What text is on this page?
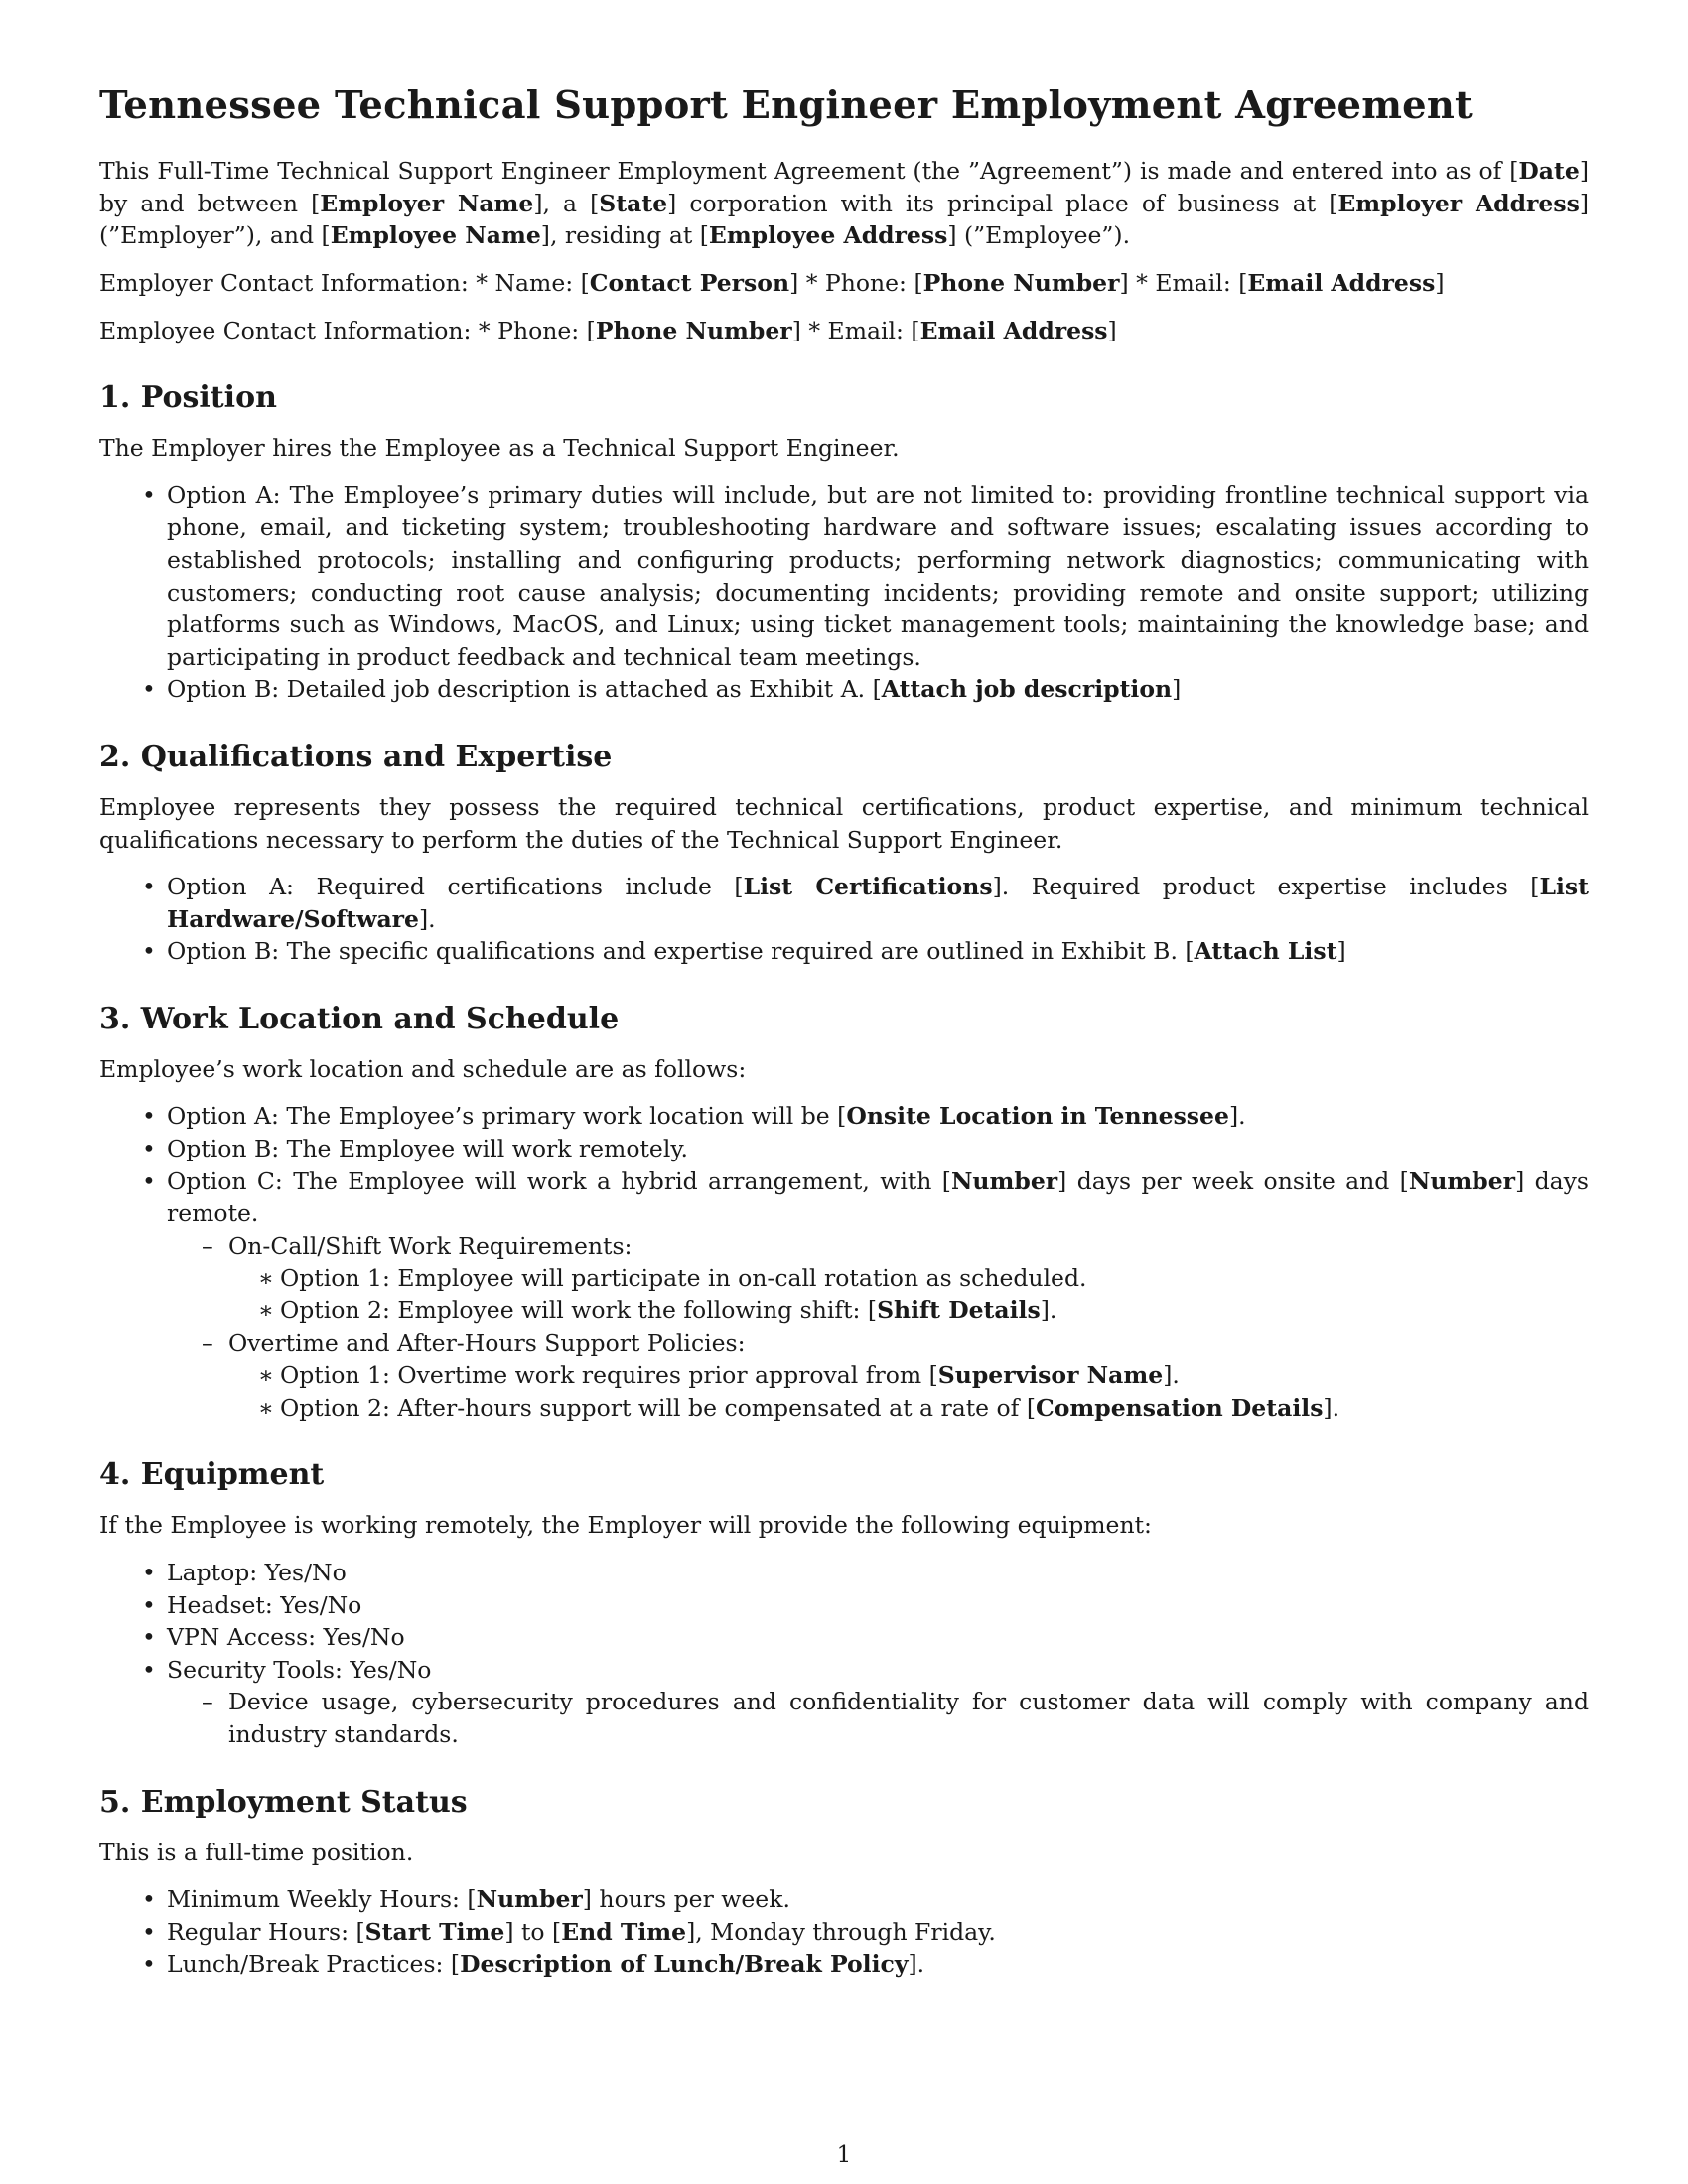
Tennessee Technical Support Engineer Employment Agreement

This Full-Time Technical Support Engineer Employment Agreement (the ”Agreement”) is made and entered into as of [Date] by and between [Employer Name], a [State] corporation with its principal place of business at [Employer Address] (”Employer”), and [Employee Name], residing at [Employee Address] (”Employee”).

Employer Contact Information: * Name: [Contact Person] * Phone: [Phone Number] * Email: [Email Address]

Employee Contact Information: * Phone: [Phone Number] * Email: [Email Address]

1. Position

The Employer hires the Employee as a Technical Support Engineer.

• Option A: The Employee’s primary duties will include, but are not limited to: providing frontline technical support via phone, email, and ticketing system; troubleshooting hardware and software issues; escalating issues according to established protocols; installing and configuring products; performing network diagnostics; communicating with customers; conducting root cause analysis; documenting incidents; providing remote and onsite support; utilizing platforms such as Windows, MacOS, and Linux; using ticket management tools; maintaining the knowledge base; and participating in product feedback and technical team meetings.
• Option B: Detailed job description is attached as Exhibit A. [Attach job description]
2. Qualifications and Expertise

Employee represents they possess the required technical certifications, product expertise, and minimum technical qualifications necessary to perform the duties of the Technical Support Engineer.

• Option A: Required certifications include [List Certifications]. Required product expertise includes [List Hardware/Software].
• Option B: The specific qualifications and expertise required are outlined in Exhibit B. [Attach List]
3. Work Location and Schedule

Employee’s work location and schedule are as follows:

• Option A: The Employee’s primary work location will be [Onsite Location in Tennessee].
• Option B: The Employee will work remotely.
• Option C: The Employee will work a hybrid arrangement, with [Number] days per week onsite and [Number] days remote.
– On-Call/Shift Work Requirements:
∗ Option 1: Employee will participate in on-call rotation as scheduled.
∗ Option 2: Employee will work the following shift: [Shift Details].
– Overtime and After-Hours Support Policies:
∗ Option 1: Overtime work requires prior approval from [Supervisor Name].
∗ Option 2: After-hours support will be compensated at a rate of [Compensation Details].
4. Equipment

If the Employee is working remotely, the Employer will provide the following equipment:

• Laptop: Yes/No
• Headset: Yes/No
• VPN Access: Yes/No
• Security Tools: Yes/No
– Device usage, cybersecurity procedures and confidentiality for customer data will comply with company and industry standards.
5. Employment Status

This is a full-time position.

• Minimum Weekly Hours: [Number] hours per week.
• Regular Hours: [Start Time] to [End Time], Monday through Friday.
• Lunch/Break Practices: [Description of Lunch/Break Policy].
1
